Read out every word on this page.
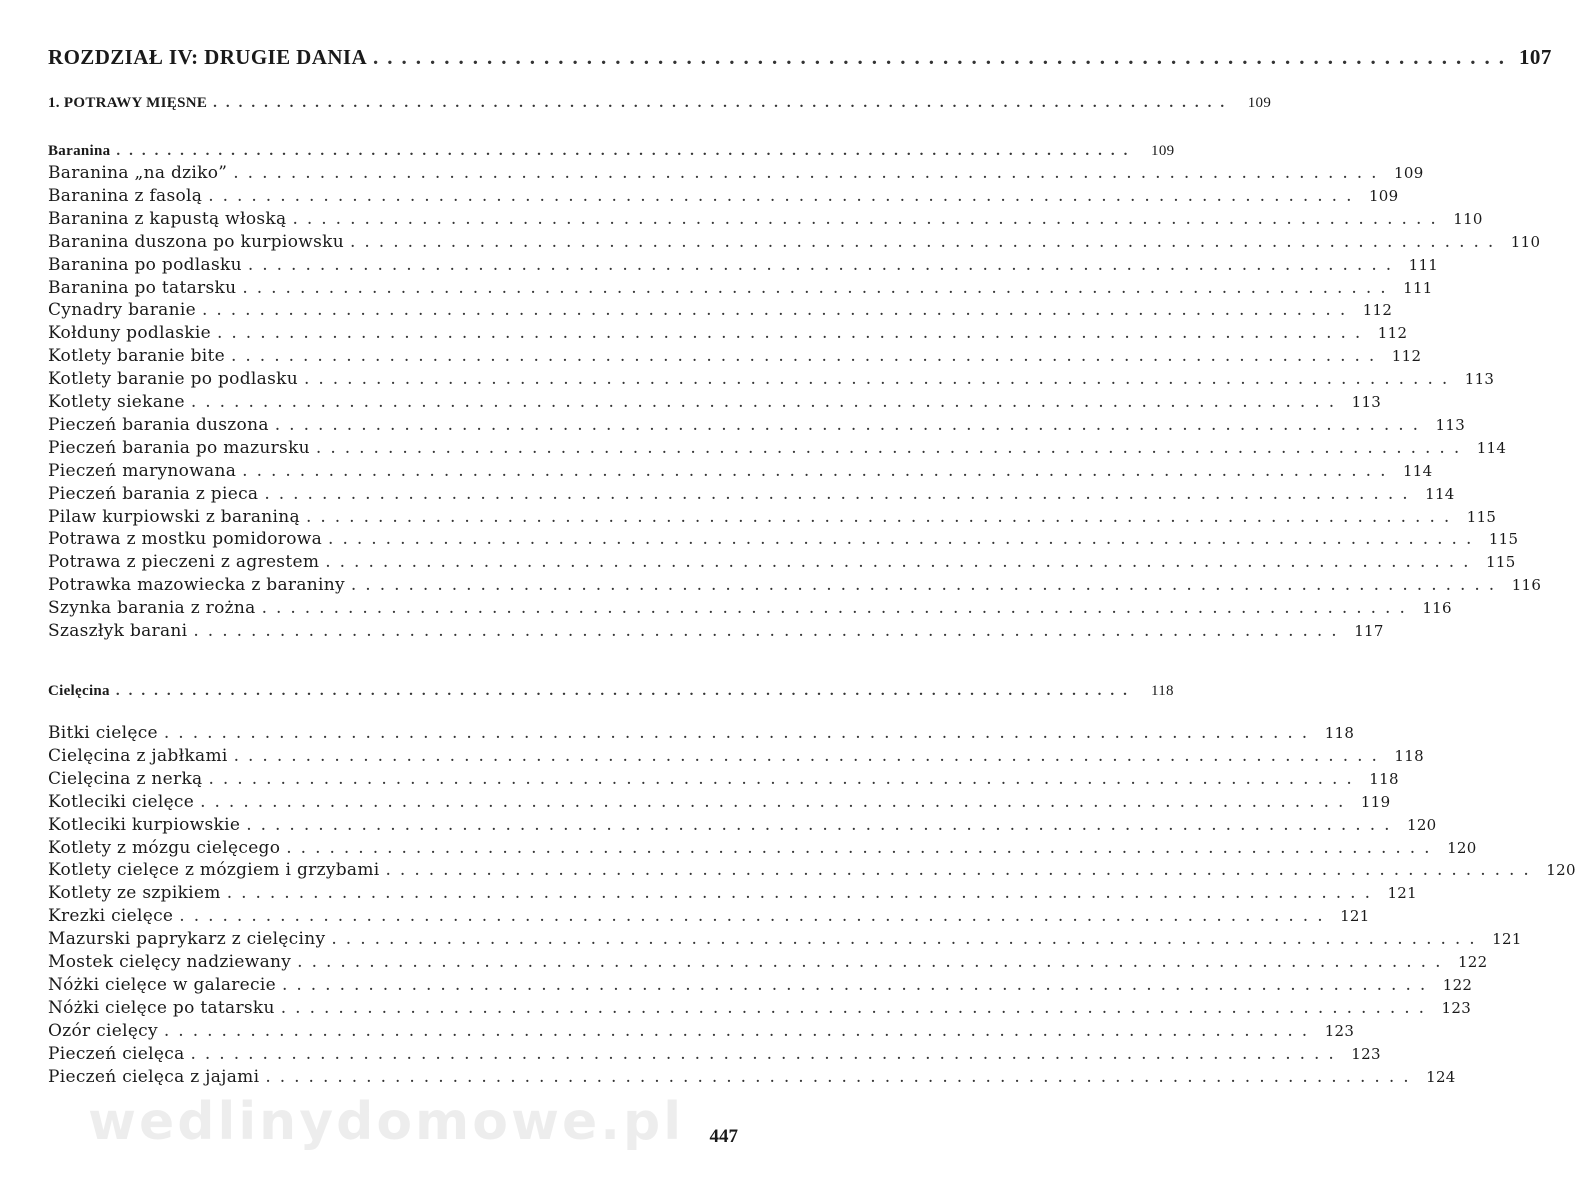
ROZDZIAŁ IV: DRUGIE DANIA ................................................................................ 107
1. POTRAWY MIĘSNE ................................................................................ 109
Baranina ................................................................................ 109
Baranina „na dziko” ................................................................................ 109
Baranina z fasolą ................................................................................ 109
Baranina z kapustą włoską ................................................................................ 110
Baranina duszona po kurpiowsku ................................................................................ 110
Baranina po podlasku ................................................................................ 111
Baranina po tatarsku ................................................................................ 111
Cynadry baranie ................................................................................ 112
Kołduny podlaskie ................................................................................ 112
Kotlety baranie bite ................................................................................ 112
Kotlety baranie po podlasku ................................................................................ 113
Kotlety siekane ................................................................................ 113
Pieczeń barania duszona ................................................................................ 113
Pieczeń barania po mazursku ................................................................................ 114
Pieczeń marynowana ................................................................................ 114
Pieczeń barania z pieca ................................................................................ 114
Pilaw kurpiowski z baraniną ................................................................................ 115
Potrawa z mostku pomidorowa ................................................................................ 115
Potrawa z pieczeni z agrestem ................................................................................ 115
Potrawka mazowiecka z baraniny ................................................................................ 116
Szynka barania z rożna ................................................................................ 116
Szaszłyk barani ................................................................................ 117
Cielęcina ................................................................................	118
Bitki cielęce ................................................................................ 118
Cielęcina z jabłkami ................................................................................ 118
Cielęcina z nerką ................................................................................ 118
Kotleciki cielęce ................................................................................ 119
Kotleciki kurpiowskie ................................................................................ 120
Kotlety z mózgu cielęcego ................................................................................ 120
Kotlety cielęce z mózgiem i grzybami ................................................................................ 120
Kotlety ze szpikiem ................................................................................ 121
Krezki cielęce ................................................................................ 121
Mazurski paprykarz z cielęciny ................................................................................ 121
Mostek cielęcy nadziewany ................................................................................ 122
Nóżki cielęce w galarecie ................................................................................ 122
Nóżki cielęce po tatarsku ................................................................................ 123
Ozór cielęcy ................................................................................ 123
Pieczeń cielęca ................................................................................ 123
Pieczeń cielęca z jajami ................................................................................ 124
wedlinydomowe.pl	447
